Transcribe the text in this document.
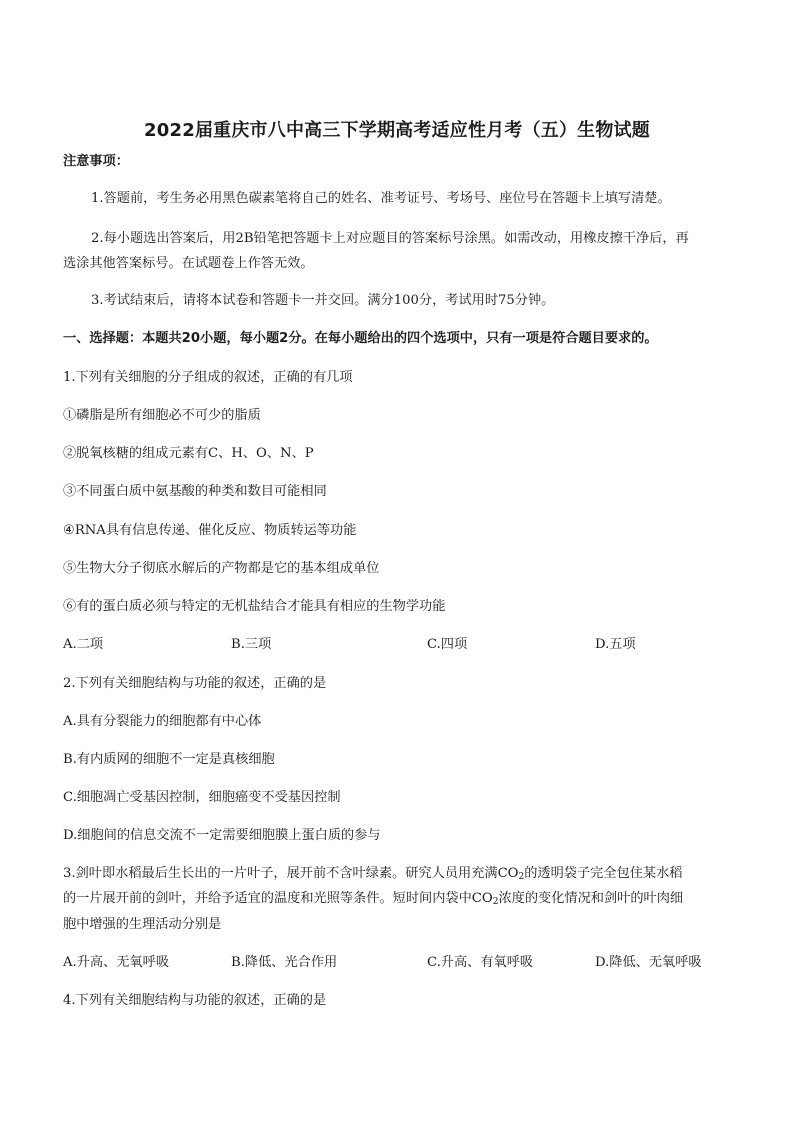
2022届重庆市八中高三下学期高考适应性月考（五）生物试题
注意事项：
1.答题前，考生务必用黑色碳素笔将自己的姓名、准考证号、考场号、座位号在答题卡上填写清楚。
2.每小题选出答案后，用2B铅笔把答题卡上对应题目的答案标号涂黑。如需改动，用橡皮擦干净后，再
选涂其他答案标号。在试题卷上作答无效。
3.考试结束后，请将本试卷和答题卡一并交回。满分100分，考试用时75分钟。
一、选择题：本题共20小题，每小题2分。在每小题给出的四个选项中，只有一项是符合题目要求的。
1.下列有关细胞的分子组成的叙述，正确的有几项
①磷脂是所有细胞必不可少的脂质
②脱氧核糖的组成元素有C、H、O、N、P
③不同蛋白质中氨基酸的种类和数目可能相同
④RNA具有信息传递、催化反应、物质转运等功能
⑤生物大分子彻底水解后的产物都是它的基本组成单位
⑥有的蛋白质必须与特定的无机盐结合才能具有相应的生物学功能
A.二项	B.三项	C.四项	D.五项
2.下列有关细胞结构与功能的叙述，正确的是
A.具有分裂能力的细胞都有中心体
B.有内质网的细胞不一定是真核细胞
C.细胞凋亡受基因控制，细胞癌变不受基因控制
D.细胞间的信息交流不一定需要细胞膜上蛋白质的参与
3.剑叶即水稻最后生长出的一片叶子，展开前不含叶绿素。研究人员用充满$CO_2$的透明袋子完全包住某水稻
的一片展开前的剑叶，并给予适宜的温度和光照等条件。短时间内袋中$CO_2$浓度的变化情况和剑叶的叶肉细
胞中增强的生理活动分别是
A.升高、无氧呼吸	B.降低、光合作用	C.升高、有氧呼吸	D.降低、无氧呼吸
4.下列有关细胞结构与功能的叙述，正确的是
